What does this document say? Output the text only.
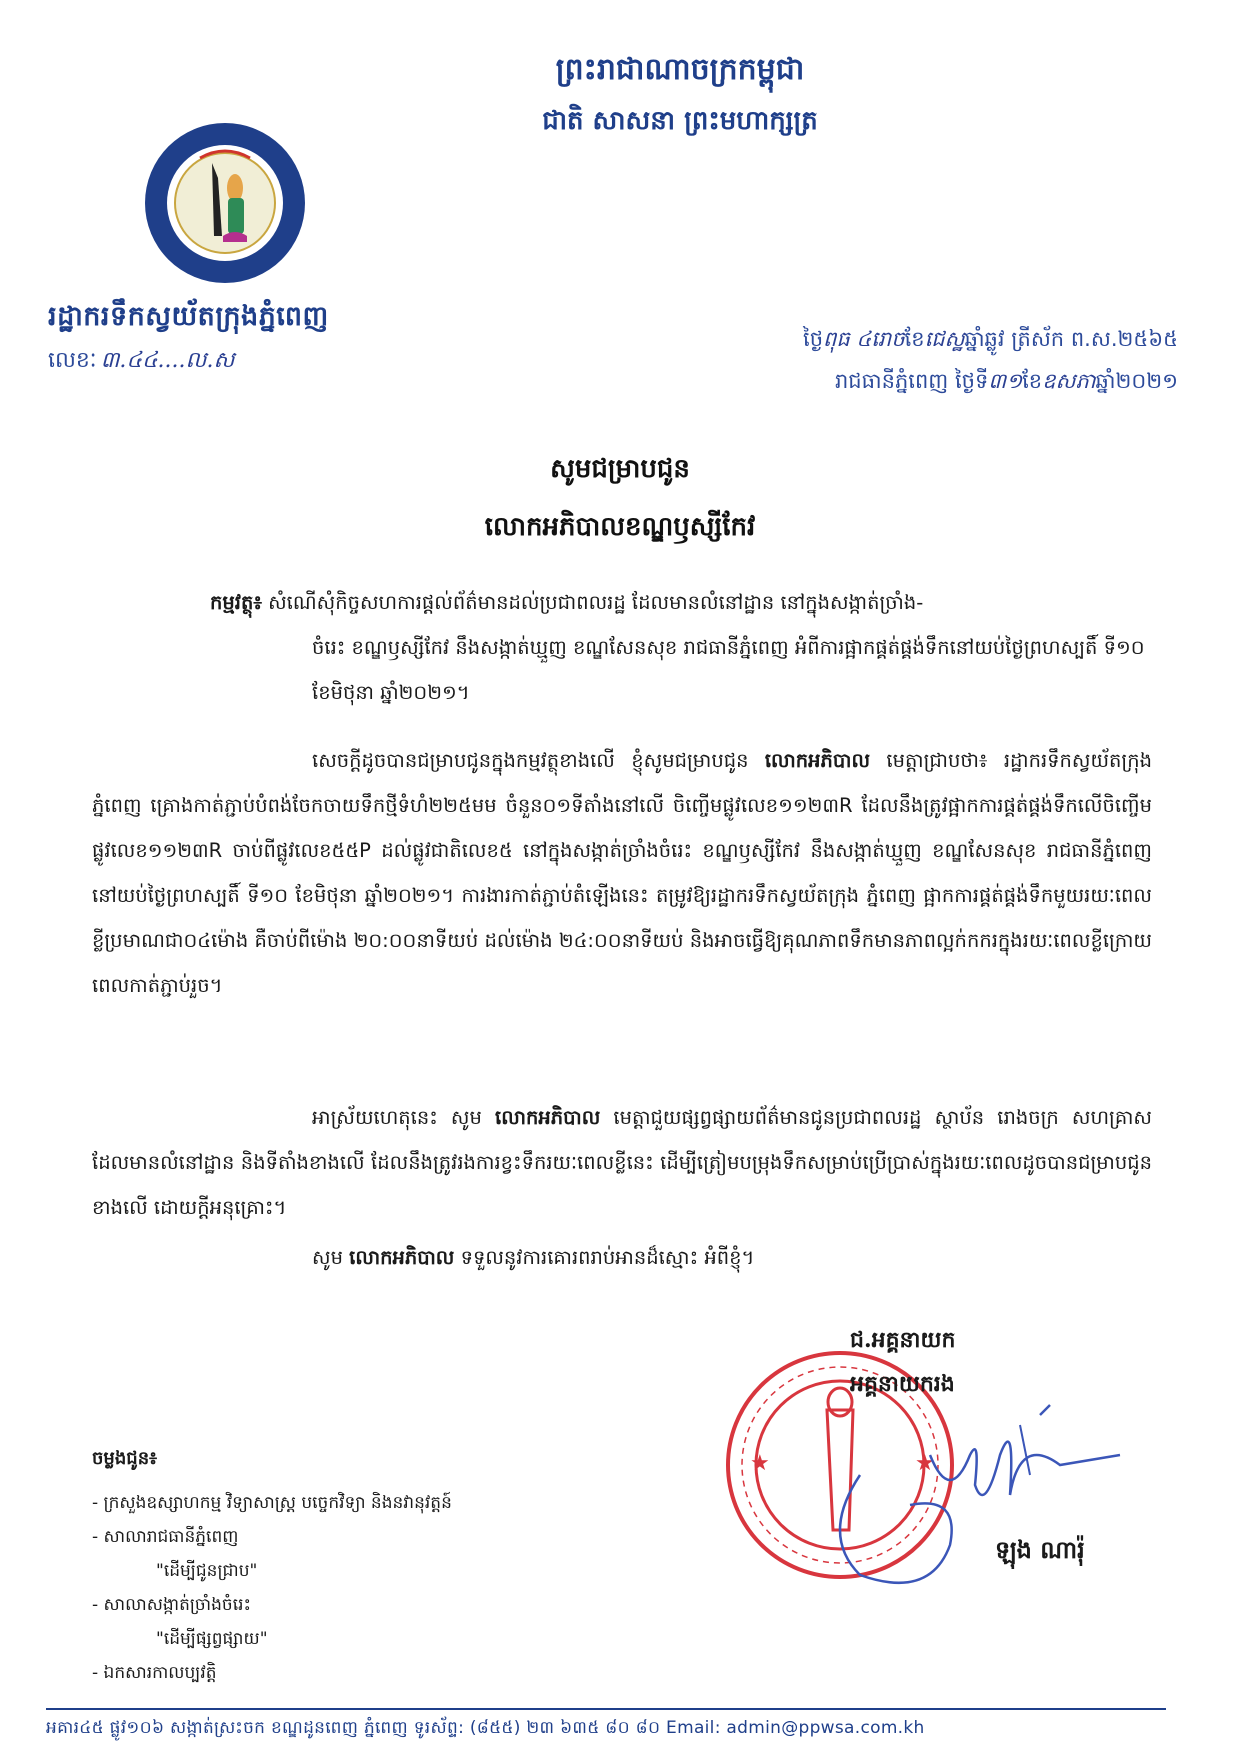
ព្រះរាជាណាចក្រកម្ពុជា
ជាតិ សាសនា ព្រះមហាក្សត្រ
រដ្ឋាករទឹកស្វយ័តក្រុងភ្នំពេញ
លេខៈ ៣.៤៤....ល.ស
ថ្ងៃពុធ ៤រោចខែជេស្ឋឆ្នាំឆ្លូវ ត្រីស័ក ព.ស.២៥៦៥
រាជធានីភ្នំពេញ ថ្ងៃទី៣១ខែឧសភាឆ្នាំ២០២១
សូមជម្រាបជូន
លោកអភិបាលខណ្ឌឫស្សីកែវ
កម្មវត្ថុ៖ សំណើសុំកិច្ចសហការផ្តល់ព័ត៌មានដល់ប្រជាពលរដ្ឋ ដែលមានលំនៅដ្ឋាន នៅក្នុងសង្កាត់ច្រាំង-
ចំរេះ ខណ្ឌឫស្សីកែវ នឹងសង្កាត់ឃ្មួញ ខណ្ឌសែនសុខ រាជធានីភ្នំពេញ អំពីការផ្អាកផ្គត់ផ្គង់ទឹកនៅយប់ថ្ងៃព្រហស្បតិ៍ ទី១០ ខែមិថុនា ឆ្នាំ២០២១។
សេចក្តីដូចបានជម្រាបជូនក្នុងកម្មវត្ថុខាងលើ ខ្ញុំសូមជម្រាបជូន លោកអភិបាល មេត្តាជ្រាបថា៖ រដ្ឋាករទឹកស្វយ័តក្រុងភ្នំពេញ គ្រោងកាត់ភ្ជាប់បំពង់ចែកចាយទឹកថ្មីទំហំ២២៥មម ចំនួន០១ទីតាំងនៅលើ ចិញ្ចើមផ្លូវលេខ១១២៣R ដែលនឹងត្រូវផ្អាកការផ្គត់ផ្គង់ទឹកលើចិញ្ចើមផ្លូវលេខ១១២៣R ចាប់ពីផ្លូវលេខ៥៥P ដល់ផ្លូវជាតិលេខ៥ នៅក្នុងសង្កាត់ច្រាំងចំរេះ ខណ្ឌឫស្សីកែវ នឹងសង្កាត់ឃ្មួញ ខណ្ឌសែនសុខ រាជធានីភ្នំពេញ នៅយប់ថ្ងៃព្រហស្បតិ៍ ទី១០ ខែមិថុនា ឆ្នាំ២០២១។ ការងារកាត់ភ្ជាប់តំឡើងនេះ តម្រូវឱ្យរដ្ឋាករទឹកស្វយ័តក្រុង ភ្នំពេញ ផ្អាកការផ្គត់ផ្គង់ទឹកមួយរយៈពេលខ្លីប្រមាណជា០៤ម៉ោង គឺចាប់ពីម៉ោង ២០:០០នាទីយប់ ដល់ម៉ោង ២៤:០០នាទីយប់ និងអាចធ្វើឱ្យគុណភាពទឹកមានភាពល្អក់កករក្នុងរយៈពេលខ្លីក្រោយពេលកាត់ភ្ជាប់រួច។
អាស្រ័យហេតុនេះ សូម លោកអភិបាល មេត្តាជួយផ្សព្វផ្សាយព័ត៌មានជូនប្រជាពលរដ្ឋ ស្ថាប័ន រោងចក្រ សហគ្រាស ដែលមានលំនៅដ្ឋាន និងទីតាំងខាងលើ ដែលនឹងត្រូវរងការខ្វះទឹករយៈពេលខ្លីនេះ ដើម្បីត្រៀមបម្រុងទឹកសម្រាប់ប្រើប្រាស់ក្នុងរយៈពេលដូចបានជម្រាបជូនខាងលើ ដោយក្តីអនុគ្រោះ។
សូម លោកអភិបាល ទទួលនូវការគោរពរាប់អានដ៏ស្មោះ អំពីខ្ញុំ។
★	★
ជ.អគ្គនាយក
អគ្គនាយករង
ឡុង ណារ៉ុ
ចម្លងជូន៖
- ក្រសួងឧស្សាហកម្ម វិទ្យាសាស្ត្រ បច្ចេកវិទ្យា និងនវានុវត្តន៍
- សាលារាជធានីភ្នំពេញ
"ដើម្បីជូនជ្រាប"
- សាលាសង្កាត់ច្រាំងចំរេះ
"ដើម្បីផ្សព្វផ្សាយ"
- ឯកសារកាលប្បវត្តិ
អគារ៤៥ ផ្លូវ១០៦ សង្កាត់ស្រះចក ខណ្ឌដូនពេញ ភ្នំពេញ ទូរស័ព្ទ: (៨៥៥) ២៣ ៦៣៥ ៨០ ៨០ Email: admin@ppwsa.com.kh
